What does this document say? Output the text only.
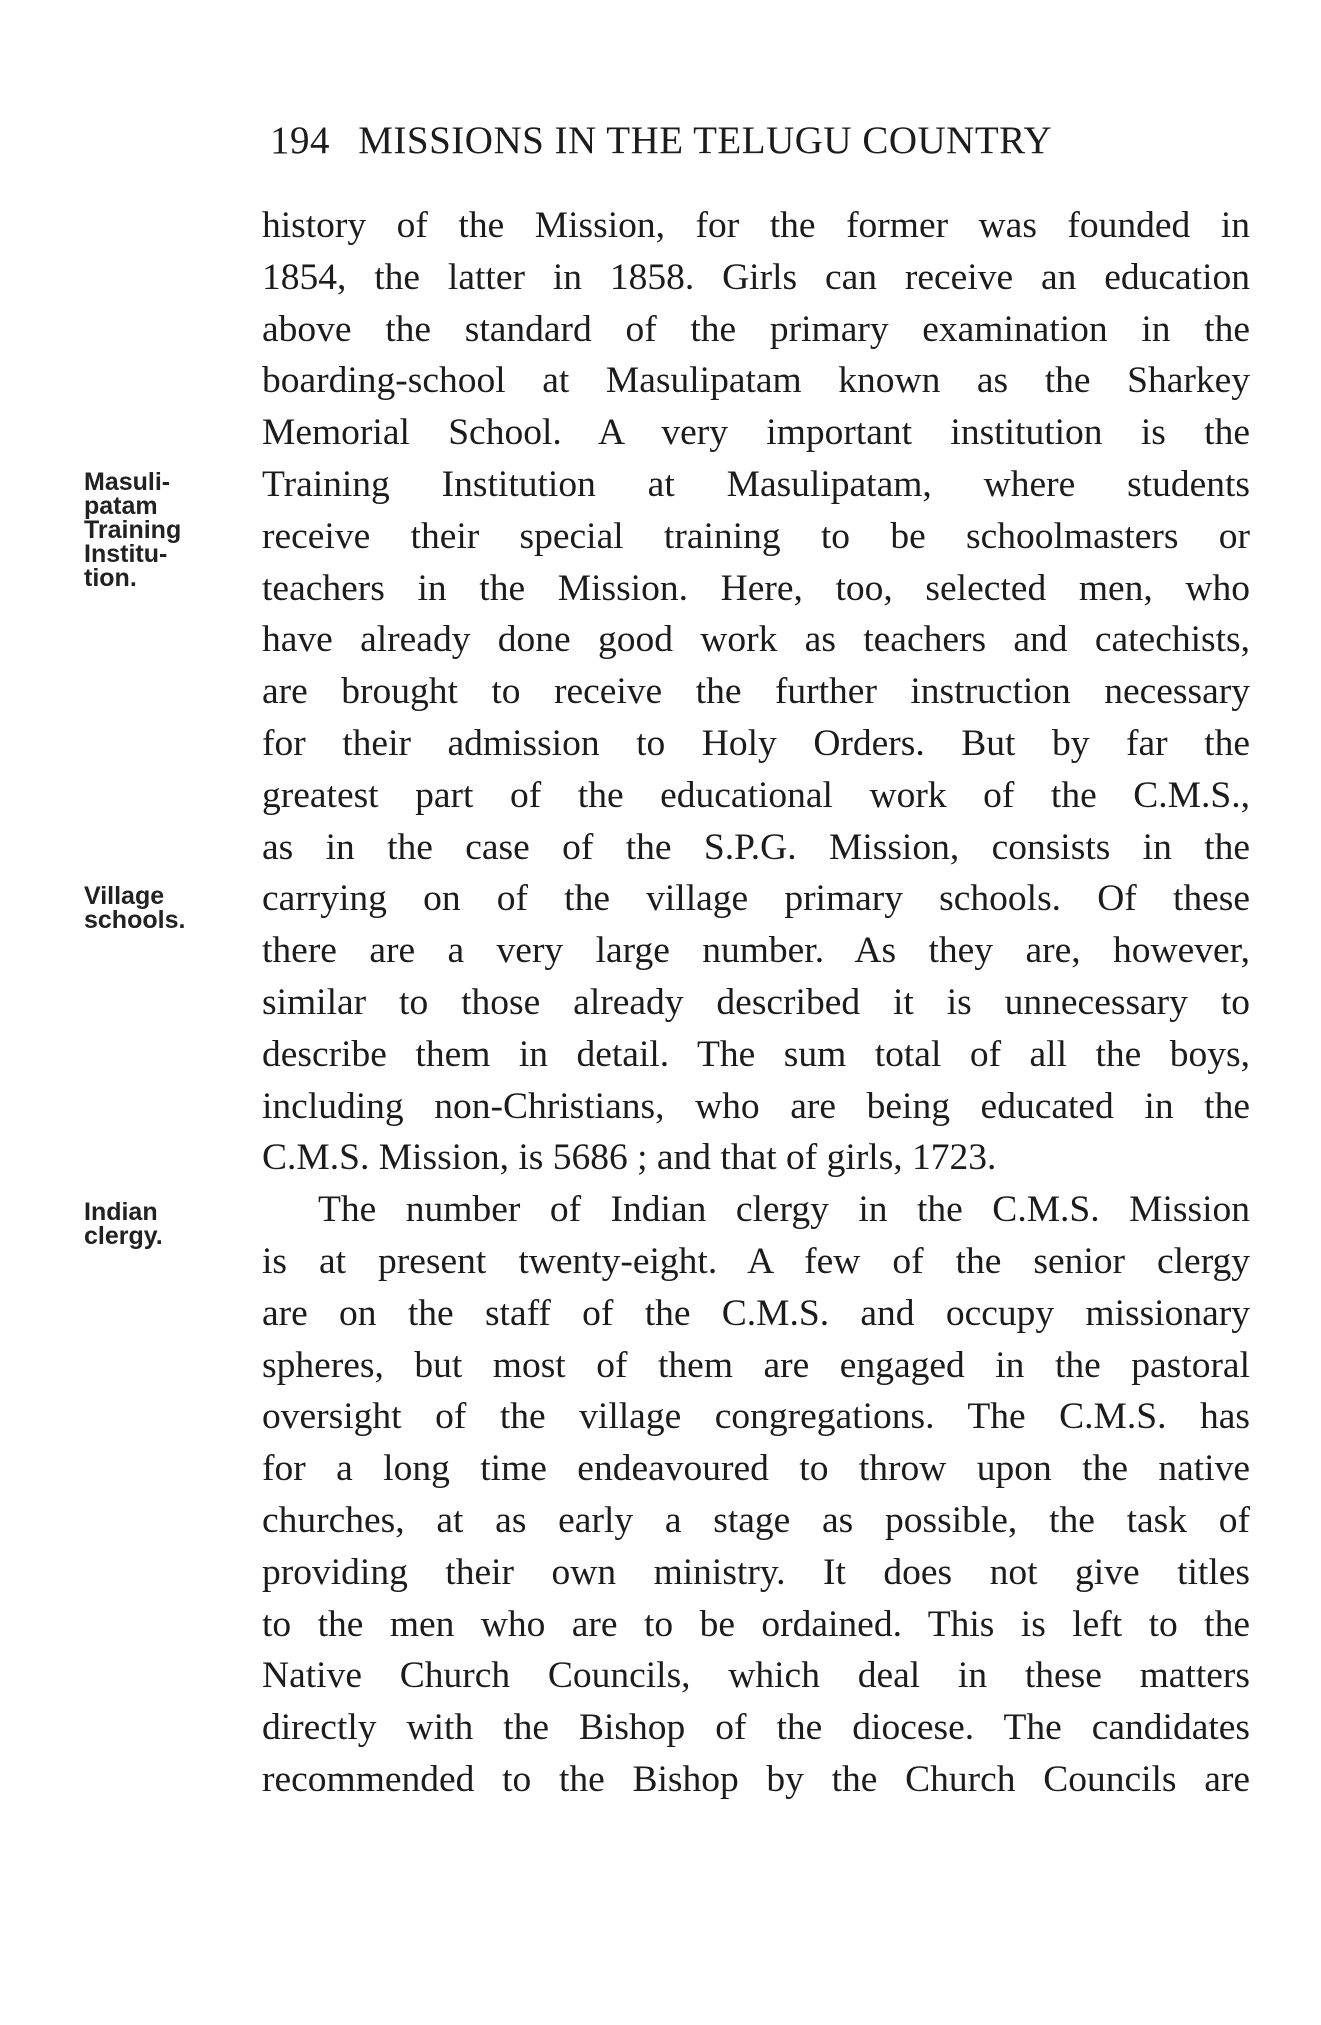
194 MISSIONS IN THE TELUGU COUNTRY
history of the Mission, for the former was founded in
1854, the latter in 1858. Girls can receive an education
above the standard of the primary examination in the
boarding-school at Masulipatam known as the Sharkey
Memorial School. A very important institution is the
Training Institution at Masulipatam, where students
receive their special training to be schoolmasters or
teachers in the Mission. Here, too, selected men, who
have already done good work as teachers and catechists,
are brought to receive the further instruction necessary
for their admission to Holy Orders. But by far the
greatest part of the educational work of the C.M.S.,
as in the case of the S.P.G. Mission, consists in the
carrying on of the village primary schools. Of these
there are a very large number. As they are, however,
similar to those already described it is unnecessary to
describe them in detail. The sum total of all the boys,
including non-Christians, who are being educated in the
C.M.S. Mission, is 5686 ; and that of girls, 1723.
The number of Indian clergy in the C.M.S. Mission
is at present twenty-eight. A few of the senior clergy
are on the staff of the C.M.S. and occupy missionary
spheres, but most of them are engaged in the pastoral
oversight of the village congregations. The C.M.S. has
for a long time endeavoured to throw upon the native
churches, at as early a stage as possible, the task of
providing their own ministry. It does not give titles
to the men who are to be ordained. This is left to the
Native Church Councils, which deal in these matters
directly with the Bishop of the diocese. The candidates
recommended to the Bishop by the Church Councils are
Masuli-
patam
Training
Institu-
tion.
Village
schools.
Indian
clergy.
